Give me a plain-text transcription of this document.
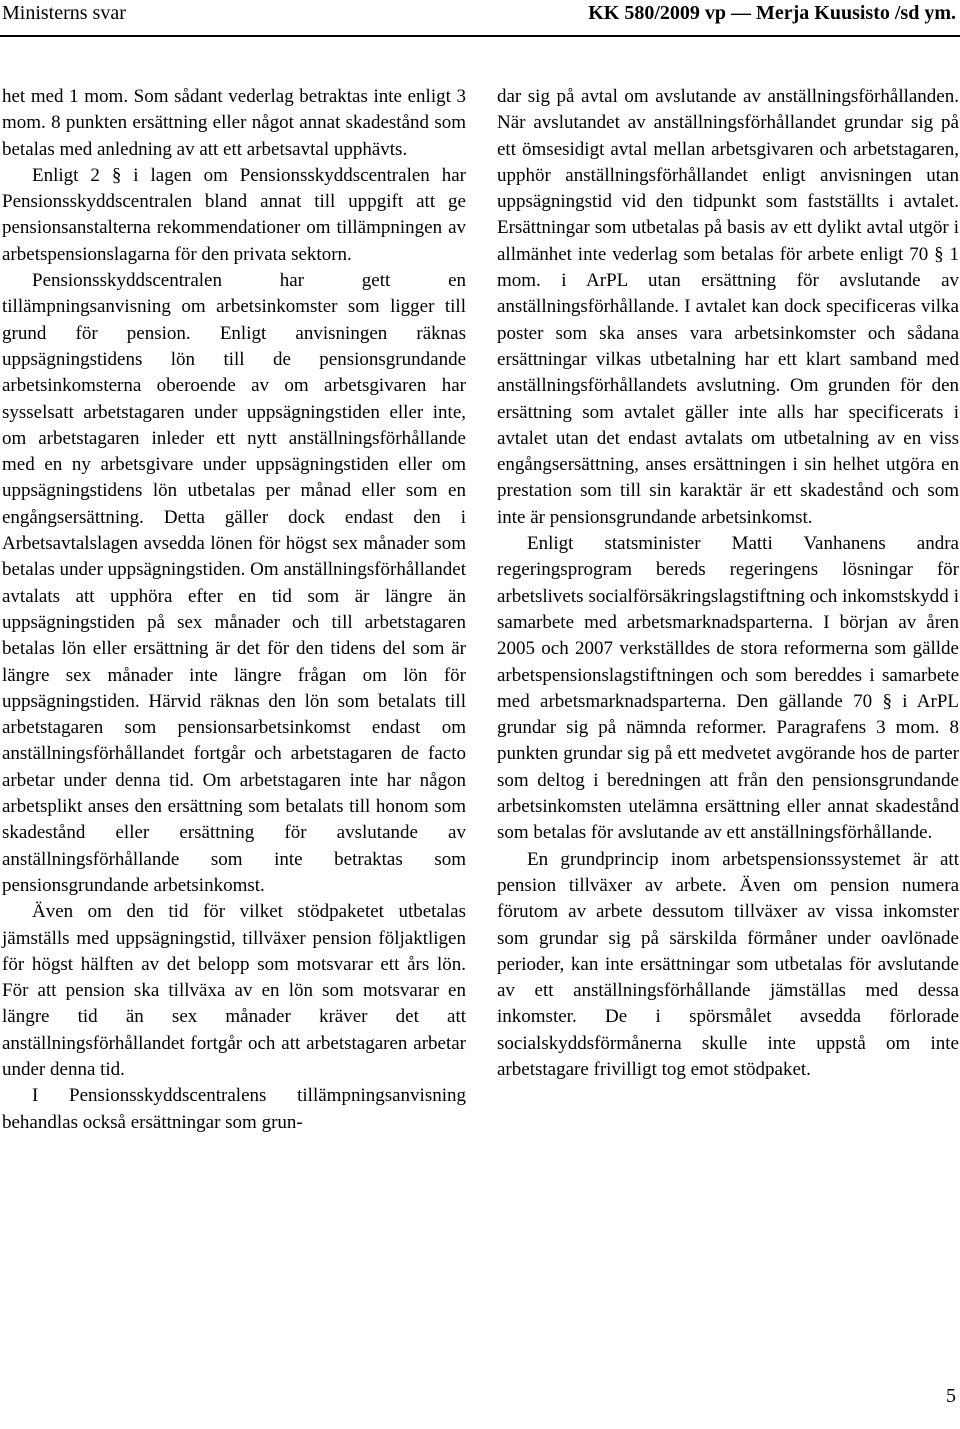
Ministerns svar	KK 580/2009 vp — Merja Kuusisto /sd ym.

het med 1 mom. Som sådant vederlag betraktas inte enligt 3 mom. 8 punkten ersättning eller något annat skadestånd som betalas med anledning av att ett arbetsavtal upphävts.

Enligt 2 § i lagen om Pensionsskyddscentralen har Pensionsskyddscentralen bland annat till uppgift att ge pensionsanstalterna rekommendationer om tillämpningen av arbetspensionslagarna för den privata sektorn.

Pensionsskyddscentralen har gett en tillämpningsanvisning om arbetsinkomster som ligger till grund för pension. Enligt anvisningen räknas uppsägningstidens lön till de pensionsgrundande arbetsinkomsterna oberoende av om arbetsgivaren har sysselsatt arbetstagaren under uppsägningstiden eller inte, om arbetstagaren inleder ett nytt anställningsförhållande med en ny arbetsgivare under uppsägningstiden eller om uppsägningstidens lön utbetalas per månad eller som en engångsersättning. Detta gäller dock endast den i Arbetsavtalslagen avsedda lönen för högst sex månader som betalas under uppsägningstiden. Om anställningsförhållandet avtalats att upphöra efter en tid som är längre än uppsägningstiden på sex månader och till arbetstagaren betalas lön eller ersättning är det för den tidens del som är längre sex månader inte längre frågan om lön för uppsägningstiden. Härvid räknas den lön som betalats till arbetstagaren som pensionsarbetsinkomst endast om anställningsförhållandet fortgår och arbetstagaren de facto arbetar under denna tid. Om arbetstagaren inte har någon arbetsplikt anses den ersättning som betalats till honom som skadestånd eller ersättning för avslutande av anställningsförhållande som inte betraktas som pensionsgrundande arbetsinkomst.

Även om den tid för vilket stödpaketet utbetalas jämställs med uppsägningstid, tillväxer pension följaktligen för högst hälften av det belopp som motsvarar ett års lön. För att pension ska tillväxa av en lön som motsvarar en längre tid än sex månader kräver det att anställningsförhållandet fortgår och att arbetstagaren arbetar under denna tid.

I Pensionsskyddscentralens tillämpningsanvisning behandlas också ersättningar som grun-

dar sig på avtal om avslutande av anställningsförhållanden. När avslutandet av anställningsförhållandet grundar sig på ett ömsesidigt avtal mellan arbetsgivaren och arbetstagaren, upphör anställningsförhållandet enligt anvisningen utan uppsägningstid vid den tidpunkt som fastställts i avtalet. Ersättningar som utbetalas på basis av ett dylikt avtal utgör i allmänhet inte vederlag som betalas för arbete enligt 70 § 1 mom. i ArPL utan ersättning för avslutande av anställningsförhållande. I avtalet kan dock specificeras vilka poster som ska anses vara arbetsinkomster och sådana ersättningar vilkas utbetalning har ett klart samband med anställningsförhållandets avslutning. Om grunden för den ersättning som avtalet gäller inte alls har specificerats i avtalet utan det endast avtalats om utbetalning av en viss engångsersättning, anses ersättningen i sin helhet utgöra en prestation som till sin karaktär är ett skadestånd och som inte är pensionsgrundande arbetsinkomst.

Enligt statsminister Matti Vanhanens andra regeringsprogram bereds regeringens lösningar för arbetslivets socialförsäkringslagstiftning och inkomstskydd i samarbete med arbetsmarknadsparterna. I början av åren 2005 och 2007 verkställdes de stora reformerna som gällde arbetspensionslagstiftningen och som bereddes i samarbete med arbetsmarknadsparterna. Den gällande 70 § i ArPL grundar sig på nämnda reformer. Paragrafens 3 mom. 8 punkten grundar sig på ett medvetet avgörande hos de parter som deltog i beredningen att från den pensionsgrundande arbetsinkomsten utelämna ersättning eller annat skadestånd som betalas för avslutande av ett anställningsförhållande.

En grundprincip inom arbetspensionssystemet är att pension tillväxer av arbete. Även om pension numera förutom av arbete dessutom tillväxer av vissa inkomster som grundar sig på särskilda förmåner under oavlönade perioder, kan inte ersättningar som utbetalas för avslutande av ett anställningsförhållande jämställas med dessa inkomster. De i spörsmålet avsedda förlorade socialskyddsförmånerna skulle inte uppstå om inte arbetstagare frivilligt tog emot stödpaket.

5
